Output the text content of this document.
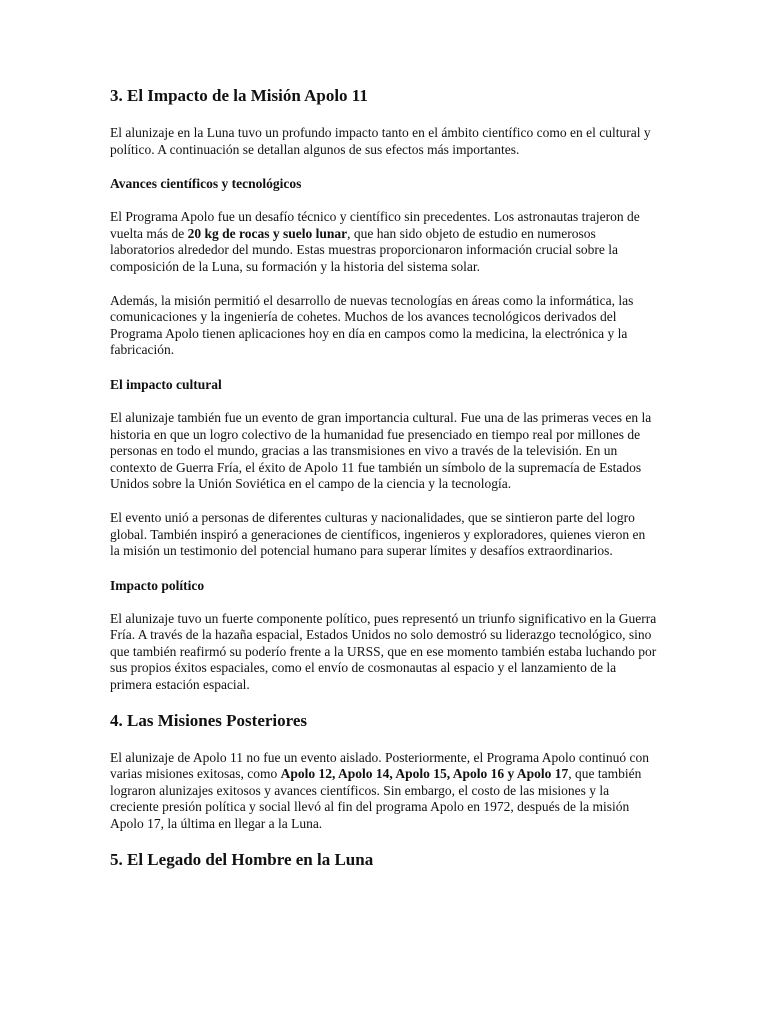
3. El Impacto de la Misión Apolo 11

El alunizaje en la Luna tuvo un profundo impacto tanto en el ámbito científico como en el cultural y político. A continuación se detallan algunos de sus efectos más importantes.

Avances científicos y tecnológicos

El Programa Apolo fue un desafío técnico y científico sin precedentes. Los astronautas trajeron de vuelta más de 20 kg de rocas y suelo lunar, que han sido objeto de estudio en numerosos laboratorios alrededor del mundo. Estas muestras proporcionaron información crucial sobre la composición de la Luna, su formación y la historia del sistema solar.

Además, la misión permitió el desarrollo de nuevas tecnologías en áreas como la informática, las comunicaciones y la ingeniería de cohetes. Muchos de los avances tecnológicos derivados del Programa Apolo tienen aplicaciones hoy en día en campos como la medicina, la electrónica y la fabricación.

El impacto cultural

El alunizaje también fue un evento de gran importancia cultural. Fue una de las primeras veces en la historia en que un logro colectivo de la humanidad fue presenciado en tiempo real por millones de personas en todo el mundo, gracias a las transmisiones en vivo a través de la televisión. En un contexto de Guerra Fría, el éxito de Apolo 11 fue también un símbolo de la supremacía de Estados Unidos sobre la Unión Soviética en el campo de la ciencia y la tecnología.

El evento unió a personas de diferentes culturas y nacionalidades, que se sintieron parte del logro global. También inspiró a generaciones de científicos, ingenieros y exploradores, quienes vieron en la misión un testimonio del potencial humano para superar límites y desafíos extraordinarios.

Impacto político

El alunizaje tuvo un fuerte componente político, pues representó un triunfo significativo en la Guerra Fría. A través de la hazaña espacial, Estados Unidos no solo demostró su liderazgo tecnológico, sino que también reafirmó su poderío frente a la URSS, que en ese momento también estaba luchando por sus propios éxitos espaciales, como el envío de cosmonautas al espacio y el lanzamiento de la primera estación espacial.

4. Las Misiones Posteriores

El alunizaje de Apolo 11 no fue un evento aislado. Posteriormente, el Programa Apolo continuó con varias misiones exitosas, como Apolo 12, Apolo 14, Apolo 15, Apolo 16 y Apolo 17, que también lograron alunizajes exitosos y avances científicos. Sin embargo, el costo de las misiones y la creciente presión política y social llevó al fin del programa Apolo en 1972, después de la misión Apolo 17, la última en llegar a la Luna.

5. El Legado del Hombre en la Luna
